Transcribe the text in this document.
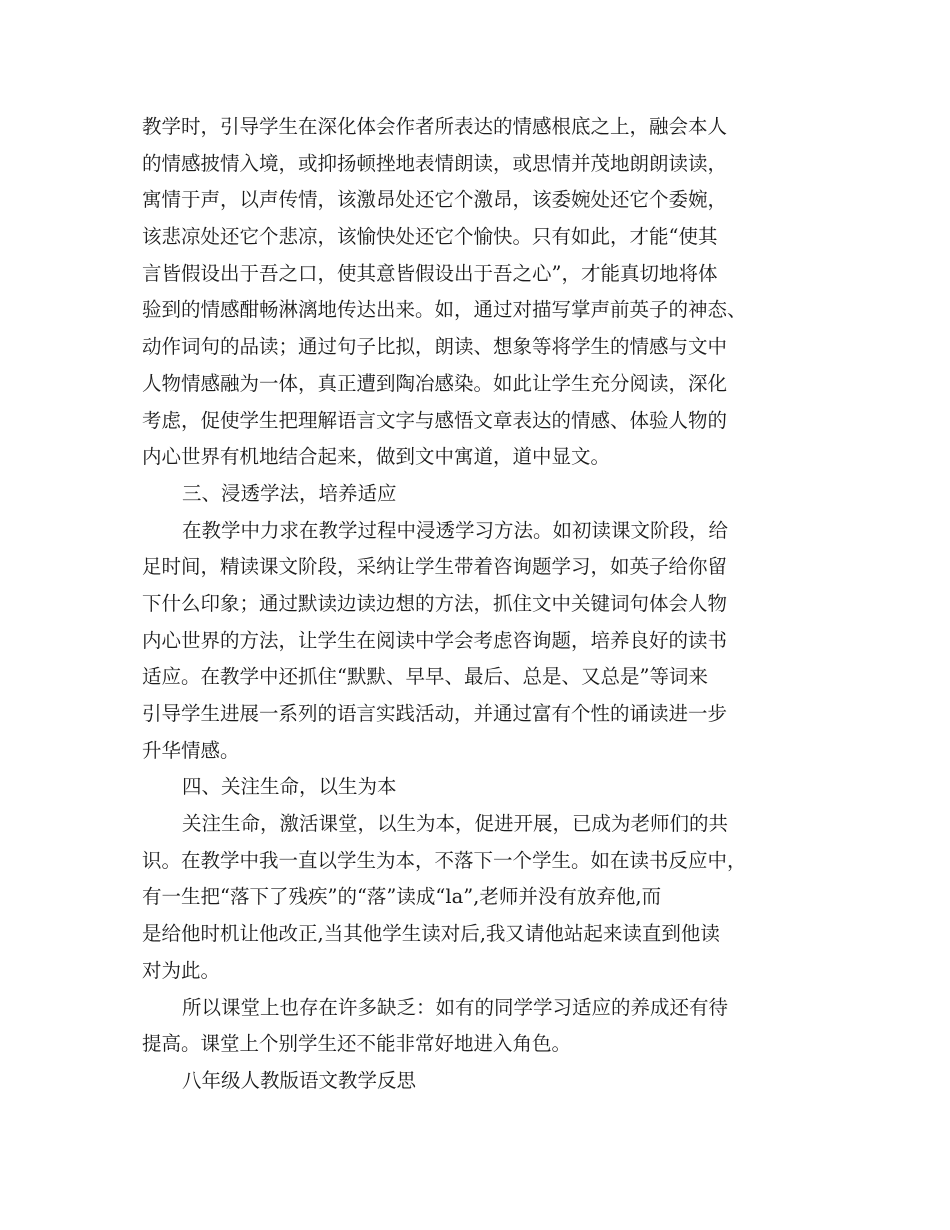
教学时，引导学生在深化体会作者所表达的情感根底之上，融会本人
的情感披情入境，或抑扬顿挫地表情朗读，或思情并茂地朗朗读读，
寓情于声，以声传情，该激昂处还它个激昂，该委婉处还它个委婉，
该悲凉处还它个悲凉，该愉快处还它个愉快。只有如此，才能“使其
言皆假设出于吾之口，使其意皆假设出于吾之心”，才能真切地将体
验到的情感酣畅淋漓地传达出来。如，通过对描写掌声前英子的神态、
动作词句的品读；通过句子比拟，朗读、想象等将学生的情感与文中
人物情感融为一体，真正遭到陶冶感染。如此让学生充分阅读，深化
考虑，促使学生把理解语言文字与感悟文章表达的情感、体验人物的
内心世界有机地结合起来，做到文中寓道，道中显文。
三、浸透学法，培养适应
在教学中力求在教学过程中浸透学习方法。如初读课文阶段，给
足时间，精读课文阶段，采纳让学生带着咨询题学习，如英子给你留
下什么印象；通过默读边读边想的方法，抓住文中关键词句体会人物
内心世界的方法，让学生在阅读中学会考虑咨询题，培养良好的读书
适应。在教学中还抓住“默默、早早、最后、总是、又总是”等词来
引导学生进展一系列的语言实践活动，并通过富有个性的诵读进一步
升华情感。
四、关注生命，以生为本
关注生命，激活课堂，以生为本，促进开展，已成为老师们的共
识。在教学中我一直以学生为本，不落下一个学生。如在读书反应中，
有一生把“落下了残疾”的“落”读成“la”,老师并没有放弃他,而
是给他时机让他改正,当其他学生读对后,我又请他站起来读直到他读
对为此。
所以课堂上也存在许多缺乏：如有的同学学习适应的养成还有待
提高。课堂上个别学生还不能非常好地进入角色。
八年级人教版语文教学反思
